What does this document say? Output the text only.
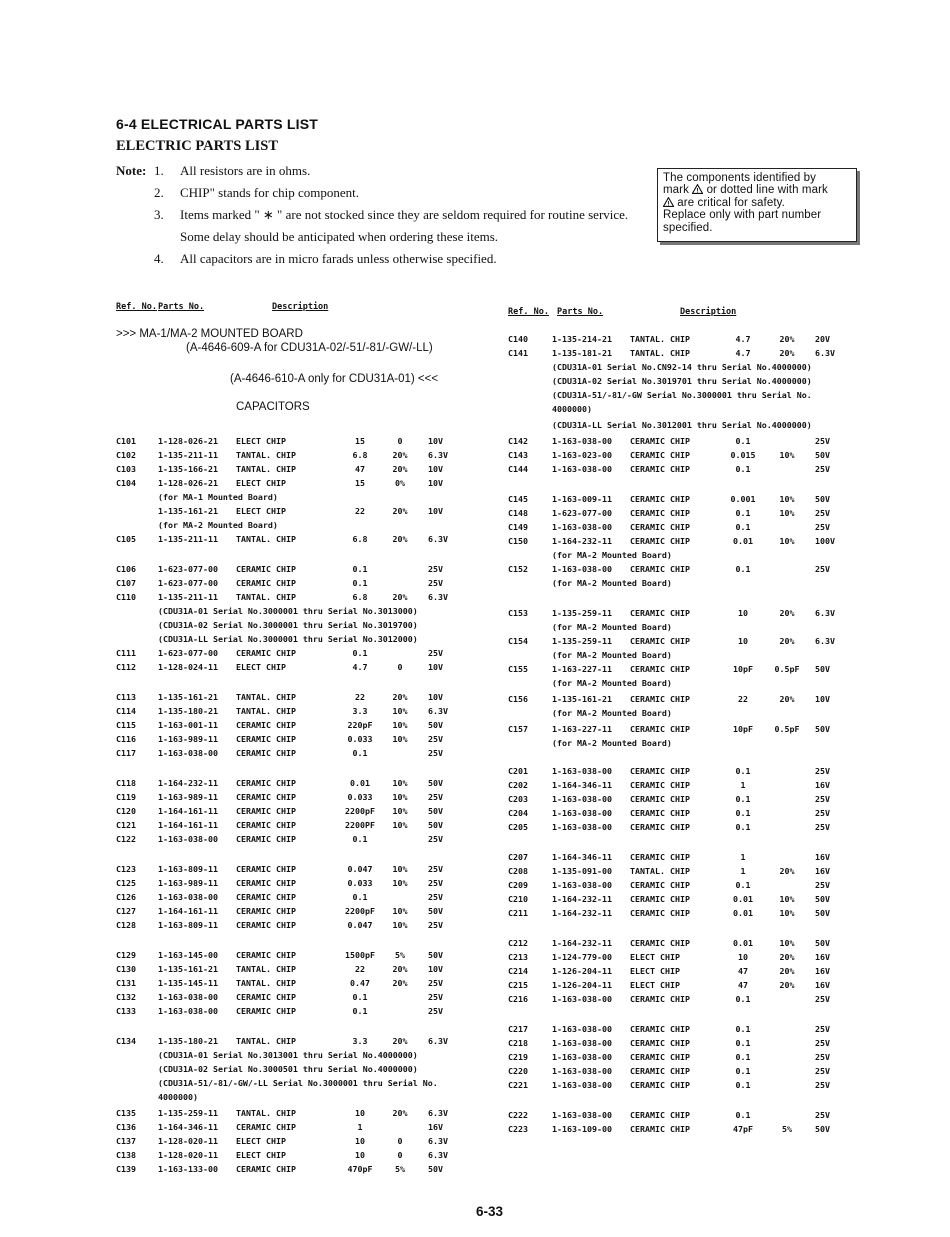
6-4 ELECTRICAL PARTS LIST
ELECTRIC PARTS LIST
Note: 1.	All resistors are in ohms.
2.	CHIP" stands for chip component.
3.	Items marked " ∗ " are not stocked since they are seldom required for routine service.
Some delay should be anticipated when ordering these items.
4.	All capacitors are in micro farads unless otherwise specified.
The components identified by
mark ! or dotted line with mark
! are critical for safety.
Replace only with part number
specified.
Ref. No. Parts No.	Description	Ref. No. Parts No.	Description
>>> MA-1/MA-2 MOUNTED BOARD
(A-4646-609-A for CDU31A-02/-51/-81/-GW/-LL)
(A-4646-610-A only for CDU31A-01) <<<
CAPACITORS
C101	1-128-026-21 ELECT CHIP	15	0	10V
C102	1-135-211-11 TANTAL. CHIP	6.8	20%	6.3V
C103	1-135-166-21 TANTAL. CHIP	47	20%	10V
C104	1-128-026-21 ELECT CHIP	15	0%	10V
(for MA-1 Mounted Board)
1-135-161-21 ELECT CHIP	22	20%	10V
(for MA-2 Mounted Board)
C105	1-135-211-11 TANTAL. CHIP	6.8	20%	6.3V
C106	1-623-077-00 CERAMIC CHIP	0.1	25V
C107	1-623-077-00 CERAMIC CHIP	0.1	25V
C110	1-135-211-11 TANTAL. CHIP	6.8	20%	6.3V
(CDU31A-01 Serial No.3000001 thru Serial No.3013000)
(CDU31A-02 Serial No.3000001 thru Serial No.3019700)
(CDU31A-LL Serial No.3000001 thru Serial No.3012000)
C111	1-623-077-00 CERAMIC CHIP	0.1	25V
C112	1-128-024-11 ELECT CHIP	4.7	0	10V
C113	1-135-161-21 TANTAL. CHIP	22	20%	10V
C114	1-135-180-21 TANTAL. CHIP	3.3	10%	6.3V
C115	1-163-001-11 CERAMIC CHIP	220pF	10%	50V
C116	1-163-989-11 CERAMIC CHIP	0.033	10%	25V
C117	1-163-038-00 CERAMIC CHIP	0.1	25V
C118	1-164-232-11 CERAMIC CHIP	0.01	10%	50V
C119	1-163-989-11 CERAMIC CHIP	0.033	10%	25V
C120	1-164-161-11 CERAMIC CHIP	2200pF	10%	50V
C121	1-164-161-11 CERAMIC CHIP	2200PF	10%	50V
C122	1-163-038-00 CERAMIC CHIP	0.1	25V
C123	1-163-809-11 CERAMIC CHIP	0.047	10%	25V
C125	1-163-989-11 CERAMIC CHIP	0.033	10%	25V
C126	1-163-038-00 CERAMIC CHIP	0.1	25V
C127	1-164-161-11 CERAMIC CHIP	2200pF	10%	50V
C128	1-163-809-11 CERAMIC CHIP	0.047	10%	25V
C129	1-163-145-00 CERAMIC CHIP	1500pF	5%	50V
C130	1-135-161-21 TANTAL. CHIP	22	20%	10V
C131	1-135-145-11 TANTAL. CHIP	0.47	20%	25V
C132	1-163-038-00 CERAMIC CHIP	0.1	25V
C133	1-163-038-00 CERAMIC CHIP	0.1	25V
C134	1-135-180-21 TANTAL. CHIP	3.3	20%	6.3V
(CDU31A-01 Serial No.3013001 thru Serial No.4000000)
(CDU31A-02 Serial No.3000501 thru Serial No.4000000)
(CDU31A-51/-81/-GW/-LL Serial No.3000001 thru Serial No.
4000000)
C135	1-135-259-11 TANTAL. CHIP	10	20%	6.3V
C136	1-164-346-11 CERAMIC CHIP	1	16V
C137	1-128-020-11 ELECT CHIP	10	0	6.3V
C138	1-128-020-11 ELECT CHIP	10	0	6.3V
C139	1-163-133-00 CERAMIC CHIP	470pF	5%	50V
C140	1-135-214-21 TANTAL. CHIP	4.7	20%	20V
C141	1-135-181-21 TANTAL. CHIP	4.7	20%	6.3V
(CDU31A-01 Serial No.CN92-14 thru Serial No.4000000)
(CDU31A-02 Serial No.3019701 thru Serial No.4000000)
(CDU31A-51/-81/-GW Serial No.3000001 thru Serial No.
4000000)
(CDU31A-LL Serial No.3012001 thru Serial No.4000000)
C142	1-163-038-00 CERAMIC CHIP	0.1	25V
C143	1-163-023-00 CERAMIC CHIP	0.015	10%	50V
C144	1-163-038-00 CERAMIC CHIP	0.1	25V
C145	1-163-009-11 CERAMIC CHIP	0.001	10%	50V
C148	1-623-077-00 CERAMIC CHIP	0.1	10%	25V
C149	1-163-038-00 CERAMIC CHIP	0.1	25V
C150	1-164-232-11 CERAMIC CHIP	0.01	10%	100V
(for MA-2 Mounted Board)
C152	1-163-038-00 CERAMIC CHIP	0.1	25V
(for MA-2 Mounted Board)
C153	1-135-259-11 CERAMIC CHIP	10	20%	6.3V
(for MA-2 Mounted Board)
C154	1-135-259-11 CERAMIC CHIP	10	20%	6.3V
(for MA-2 Mounted Board)
C155	1-163-227-11 CERAMIC CHIP	10pF	0.5pF	50V
(for MA-2 Mounted Board)
C156	1-135-161-21 CERAMIC CHIP	22	20%	10V
(for MA-2 Mounted Board)
C157	1-163-227-11 CERAMIC CHIP	10pF	0.5pF	50V
(for MA-2 Mounted Board)
C201	1-163-038-00 CERAMIC CHIP	0.1	25V
C202	1-164-346-11 CERAMIC CHIP	1	16V
C203	1-163-038-00 CERAMIC CHIP	0.1	25V
C204	1-163-038-00 CERAMIC CHIP	0.1	25V
C205	1-163-038-00 CERAMIC CHIP	0.1	25V
C207	1-164-346-11 CERAMIC CHIP	1	16V
C208	1-135-091-00 TANTAL. CHIP	1	20%	16V
C209	1-163-038-00 CERAMIC CHIP	0.1	25V
C210	1-164-232-11 CERAMIC CHIP	0.01	10%	50V
C211	1-164-232-11 CERAMIC CHIP	0.01	10%	50V
C212	1-164-232-11 CERAMIC CHIP	0.01	10%	50V
C213	1-124-779-00 ELECT CHIP	10	20%	16V
C214	1-126-204-11 ELECT CHIP	47	20%	16V
C215	1-126-204-11 ELECT CHIP	47	20%	16V
C216	1-163-038-00 CERAMIC CHIP	0.1	25V
C217	1-163-038-00 CERAMIC CHIP	0.1	25V
C218	1-163-038-00 CERAMIC CHIP	0.1	25V
C219	1-163-038-00 CERAMIC CHIP	0.1	25V
C220	1-163-038-00 CERAMIC CHIP	0.1	25V
C221	1-163-038-00 CERAMIC CHIP	0.1	25V
C222	1-163-038-00 CERAMIC CHIP	0.1	25V
C223	1-163-109-00 CERAMIC CHIP	47pF	5%	50V
6-33
